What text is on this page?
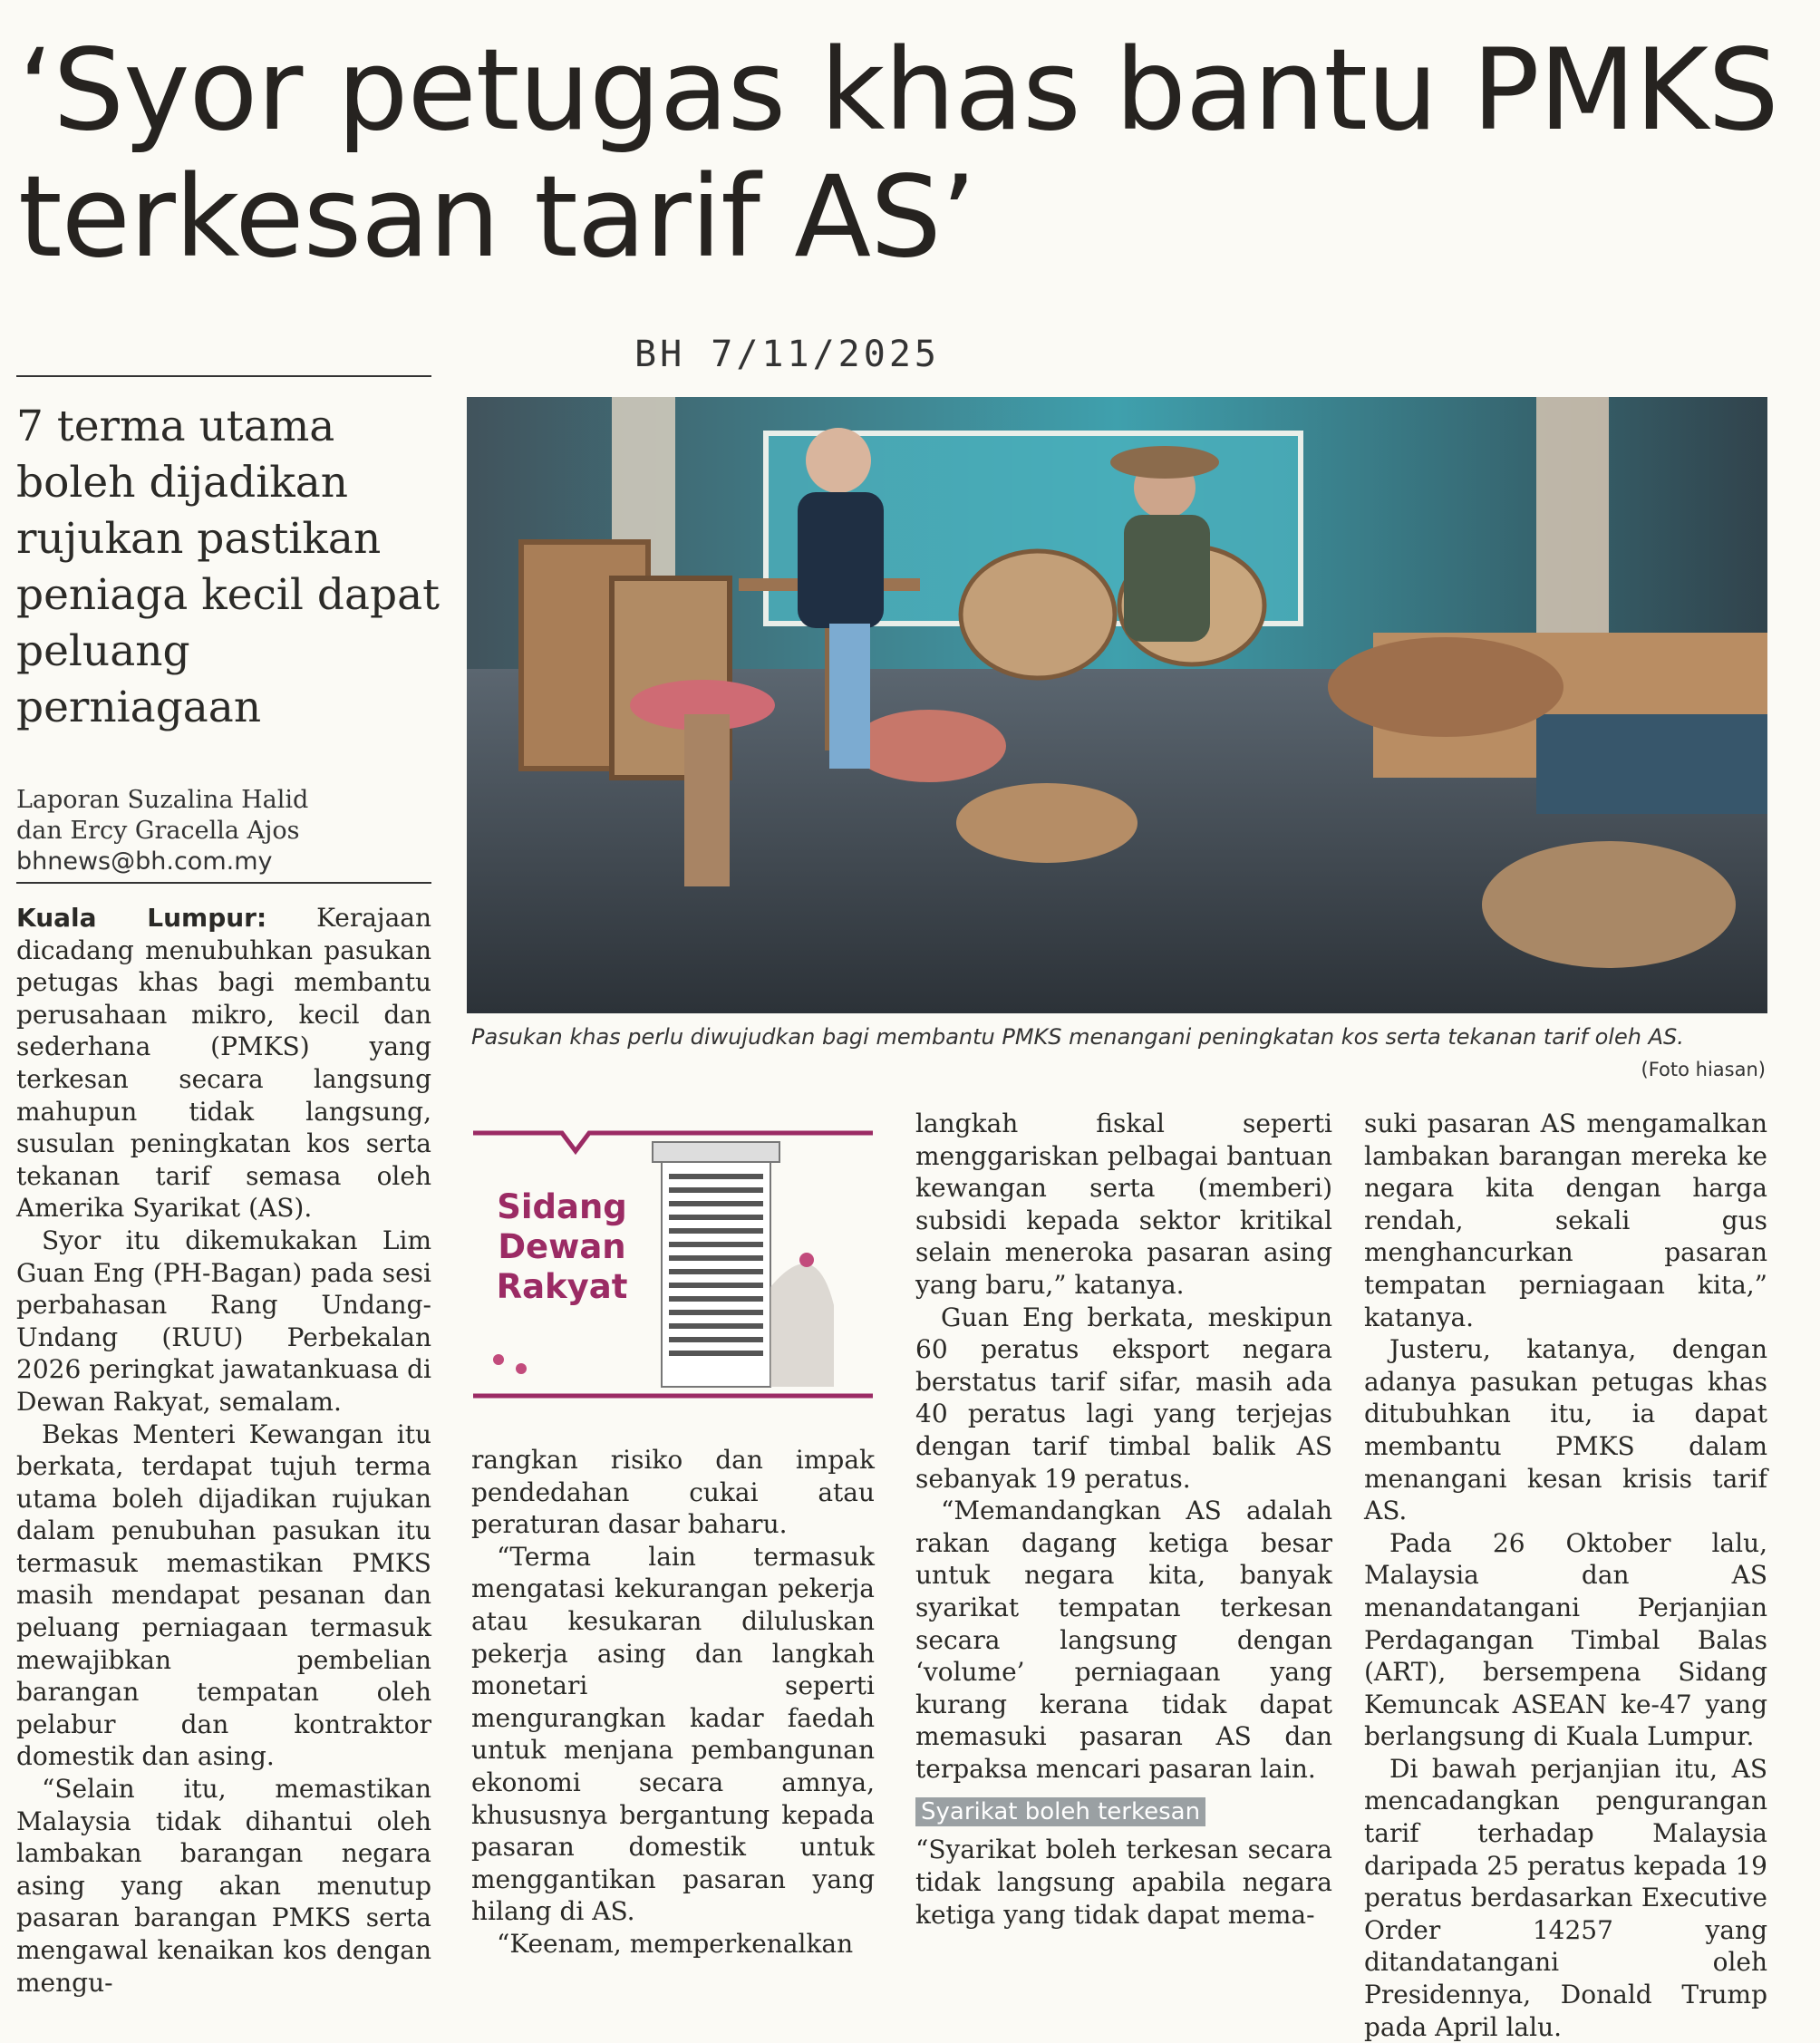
‘Syor petugas khas bantu PMKS terkesan tarif AS’
BH 7/11/2025
7 terma utama boleh dijadikan rujukan pastikan peniaga kecil dapat peluang perniagaan
Laporan Suzalina Halid
dan Ercy Gracella Ajos
bhnews@bh.com.my
Pasukan khas perlu diwujudkan bagi membantu PMKS menangani peningkatan kos serta tekanan tarif oleh AS.
(Foto hiasan)

Kuala Lumpur: Kerajaan dicadang menubuhkan pasukan petugas khas bagi membantu perusahaan mikro, kecil dan sederhana (PMKS) yang terkesan secara langsung mahupun tidak langsung, susulan peningkatan kos serta tekanan tarif semasa oleh Amerika Syarikat (AS).

Syor itu dikemukakan Lim Guan Eng (PH-Bagan) pada sesi perbahasan Rang Undang-Undang (RUU) Perbekalan 2026 peringkat jawatankuasa di Dewan Rakyat, semalam.

Bekas Menteri Kewangan itu berkata, terdapat tujuh terma utama boleh dijadikan rujukan dalam penubuhan pasukan itu termasuk memastikan PMKS masih mendapat pesanan dan peluang perniagaan termasuk mewajibkan pembelian barangan tempatan oleh pelabur dan kontraktor domestik dan asing.

“Selain itu, memastikan Malaysia tidak dihantui oleh lambakan barangan negara asing yang akan menutup pasaran barangan PMKS serta mengawal kenaikan kos dengan mengu-

Sidang Dewan Rakyat

rangkan risiko dan impak pendedahan cukai atau peraturan dasar baharu.

“Terma lain termasuk mengatasi kekurangan pekerja atau kesukaran diluluskan pekerja asing dan langkah monetari seperti mengurangkan kadar faedah untuk menjana pembangunan ekonomi secara amnya, khususnya bergantung kepada pasaran domestik untuk menggantikan pasaran yang hilang di AS.

“Keenam, memperkenalkan

langkah fiskal seperti menggariskan pelbagai bantuan kewangan serta (memberi) subsidi kepada sektor kritikal selain meneroka pasaran asing yang baru,” katanya.

Guan Eng berkata, meskipun 60 peratus eksport negara berstatus tarif sifar, masih ada 40 peratus lagi yang terjejas dengan tarif timbal balik AS sebanyak 19 peratus.

“Memandangkan AS adalah rakan dagang ketiga besar untuk negara kita, banyak syarikat tempatan terkesan secara langsung dengan ‘volume’ perniagaan yang kurang kerana tidak dapat memasuki pasaran AS dan terpaksa mencari pasaran lain.

Syarikat boleh terkesan

“Syarikat boleh terkesan secara tidak langsung apabila negara ketiga yang tidak dapat mema-

suki pasaran AS mengamalkan lambakan barangan mereka ke negara kita dengan harga rendah, sekali gus menghancurkan pasaran tempatan perniagaan kita,” katanya.

Justeru, katanya, dengan adanya pasukan petugas khas ditubuhkan itu, ia dapat membantu PMKS dalam menangani kesan krisis tarif AS.

Pada 26 Oktober lalu, Malaysia dan AS menandatangani Perjanjian Perdagangan Timbal Balas (ART), bersempena Sidang Kemuncak ASEAN ke-47 yang berlangsung di Kuala Lumpur.

Di bawah perjanjian itu, AS mencadangkan pengurangan tarif terhadap Malaysia daripada 25 peratus kepada 19 peratus berdasarkan Executive Order 14257 yang ditandatangani oleh Presidennya, Donald Trump pada April lalu.
